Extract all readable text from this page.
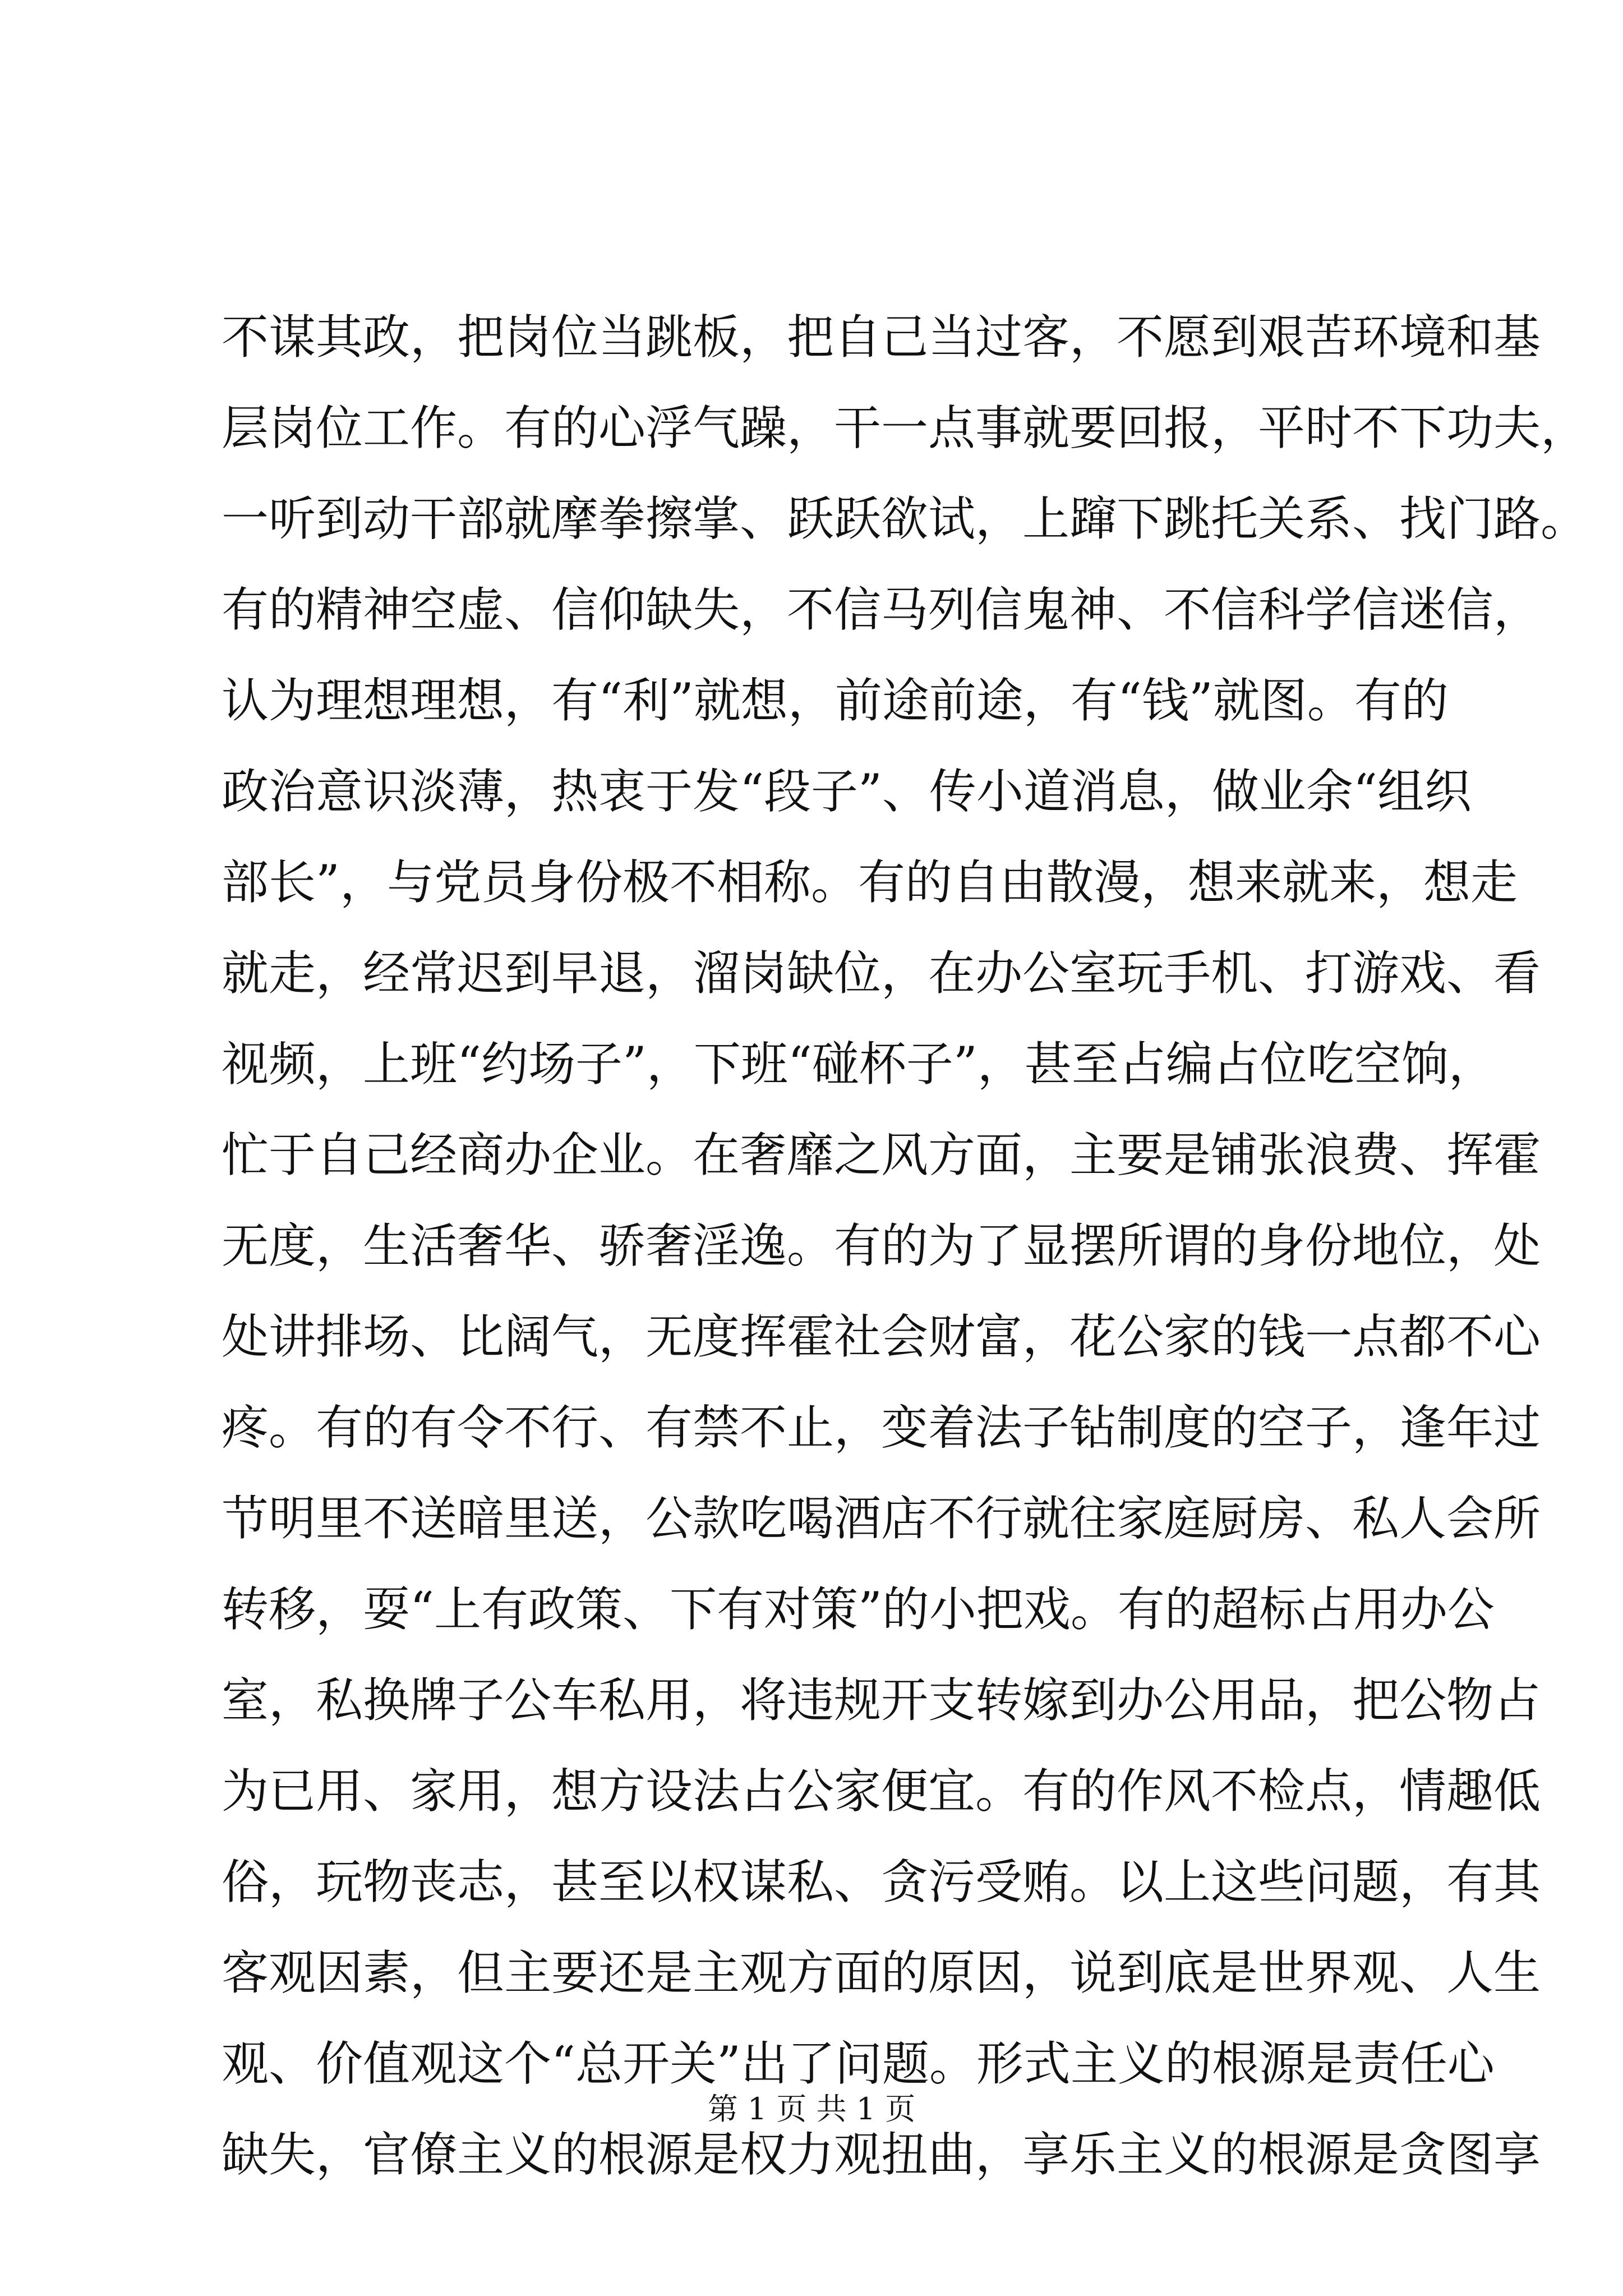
不谋其政，把岗位当跳板，把自己当过客，不愿到艰苦环境和基
层岗位工作。有的心浮气躁，干一点事就要回报，平时不下功夫，
一听到动干部就摩拳擦掌、跃跃欲试，上蹿下跳托关系、找门路。
有的精神空虚、信仰缺失，不信马列信鬼神、不信科学信迷信，
认为理想理想，有“利”就想，前途前途，有“钱”就图。有的
政治意识淡薄，热衷于发“段子”、传小道消息，做业余“组织
部长”，与党员身份极不相称。有的自由散漫，想来就来，想走
就走，经常迟到早退，溜岗缺位，在办公室玩手机、打游戏、看
视频，上班“约场子”，下班“碰杯子”，甚至占编占位吃空饷，
忙于自己经商办企业。在奢靡之风方面，主要是铺张浪费、挥霍
无度，生活奢华、骄奢淫逸。有的为了显摆所谓的身份地位，处
处讲排场、比阔气，无度挥霍社会财富，花公家的钱一点都不心
疼。有的有令不行、有禁不止，变着法子钻制度的空子，逢年过
节明里不送暗里送，公款吃喝酒店不行就往家庭厨房、私人会所
转移，耍“上有政策、下有对策”的小把戏。有的超标占用办公
室，私换牌子公车私用，将违规开支转嫁到办公用品，把公物占
为已用、家用，想方设法占公家便宜。有的作风不检点，情趣低
俗，玩物丧志，甚至以权谋私、贪污受贿。以上这些问题，有其
客观因素，但主要还是主观方面的原因，说到底是世界观、人生
观、价值观这个“总开关”出了问题。形式主义的根源是责任心
缺失，官僚主义的根源是权力观扭曲，享乐主义的根源是贪图享
第 1 页 共 1 页
